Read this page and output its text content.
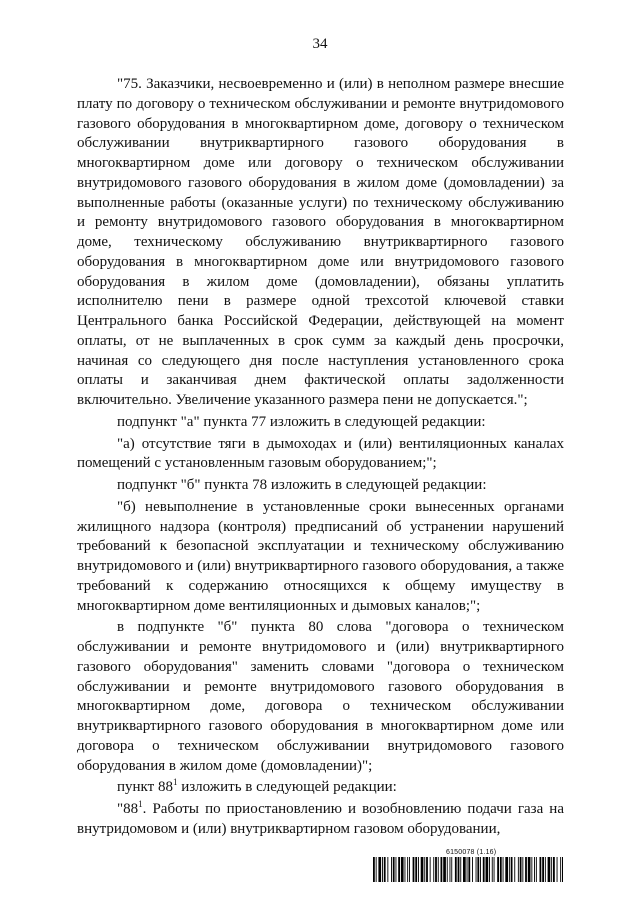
34

"75. Заказчики, несвоевременно и (или) в неполном размере внесшие плату по договору о техническом обслуживании и ремонте внутридомового газового оборудования в многоквартирном доме, договору о техническом обслуживании внутриквартирного газового оборудования в многоквартирном доме или договору о техническом обслуживании внутридомового газового оборудования в жилом доме (домовладении) за выполненные работы (оказанные услуги) по техническому обслуживанию и ремонту внутридомового газового оборудования в многоквартирном доме, техническому обслуживанию внутриквартирного газового оборудования в многоквартирном доме или внутридомового газового оборудования в жилом доме (домовладении), обязаны уплатить исполнителю пени в размере одной трехсотой ключевой ставки Центрального банка Российской Федерации, действующей на момент оплаты, от не выплаченных в срок сумм за каждый день просрочки, начиная со следующего дня после наступления установленного срока оплаты и заканчивая днем фактической оплаты задолженности включительно. Увеличение указанного размера пени не допускается.";

подпункт "а" пункта 77 изложить в следующей редакции:

"а) отсутствие тяги в дымоходах и (или) вентиляционных каналах помещений с установленным газовым оборудованием;";

подпункт "б" пункта 78 изложить в следующей редакции:

"б) невыполнение в установленные сроки вынесенных органами жилищного надзора (контроля) предписаний об устранении нарушений требований к безопасной эксплуатации и техническому обслуживанию внутридомового и (или) внутриквартирного газового оборудования, а также требований к содержанию относящихся к общему имуществу в многоквартирном доме вентиляционных и дымовых каналов;";

в подпункте "б" пункта 80 слова "договора о техническом обслуживании и ремонте внутридомового и (или) внутриквартирного газового оборудования" заменить словами "договора о техническом обслуживании и ремонте внутридомового газового оборудования в многоквартирном доме, договора о техническом обслуживании внутриквартирного газового оборудования в многоквартирном доме или договора о техническом обслуживании внутридомового газового оборудования в жилом доме (домовладении)";

пункт $88^1$ изложить в следующей редакции:

"$88^1$. Работы по приостановлению и возобновлению подачи газа на внутридомовом и (или) внутриквартирном газовом оборудовании,

6150078 (1.16)
